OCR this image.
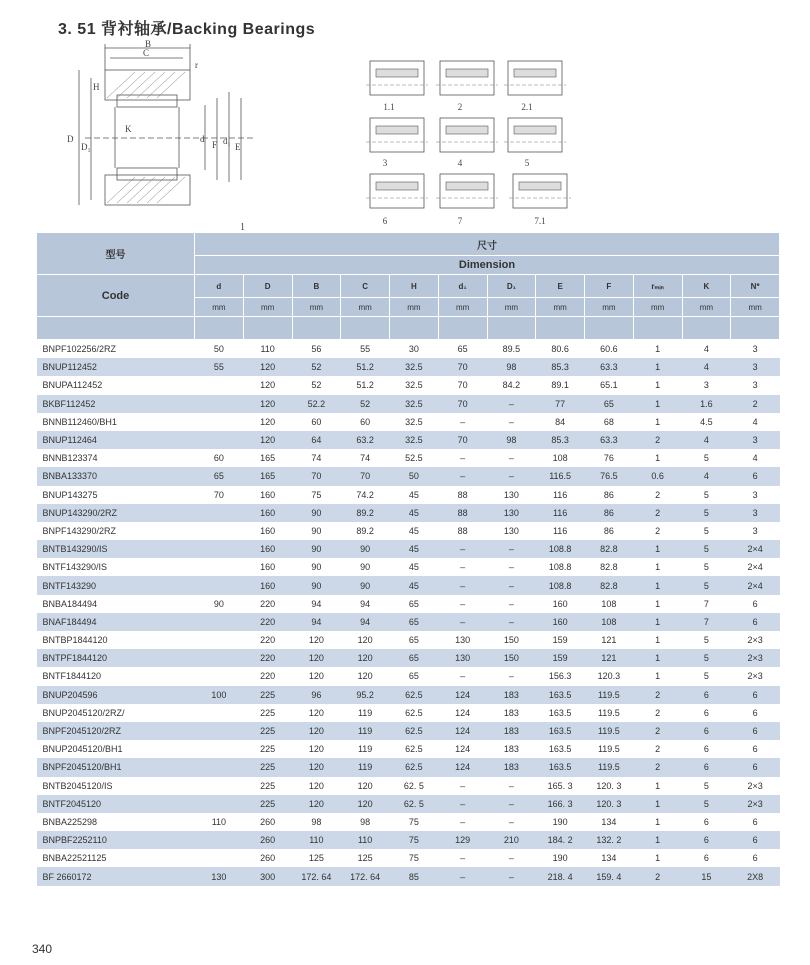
3. 51 背衬轴承/Backing Bearings
B
C
r
H
D
D₁
K
d
F d₁
E
1
1.1	2	2.1
3	4	5
6	7	7.1
型号	尺寸											
	Dimension											
Code	d	D	B	C	H	d₁	D₁	E	F	rₘᵢₙ	K	N*
	mm	mm	mm	mm	mm	mm	mm	mm	mm	mm	mm	mm

BNPF102256/2RZ	50	110	56	55	30	65	89.5	80.6	60.6	1	4	3
BNUP112452	55	120	52	51.2	32.5	70	98	85.3	63.3	1	4	3
BNUPA112452		120	52	51.2	32.5	70	84.2	89.1	65.1	1	3	3
BKBF112452		120	52.2	52	32.5	70	–	77	65	1	1.6	2
BNNB112460/BH1		120	60	60	32.5	–	–	84	68	1	4.5	4
BNUP112464		120	64	63.2	32.5	70	98	85.3	63.3	2	4	3
BNNB123374	60	165	74	74	52.5	–	–	108	76	1	5	4
BNBA133370	65	165	70	70	50	–	–	116.5	76.5	0.6	4	6
BNUP143275	70	160	75	74.2	45	88	130	116	86	2	5	3
BNUP143290/2RZ		160	90	89.2	45	88	130	116	86	2	5	3
BNPF143290/2RZ		160	90	89.2	45	88	130	116	86	2	5	3
BNTB143290/IS		160	90	90	45	–	–	108.8	82.8	1	5	2×4
BNTF143290/IS		160	90	90	45	–	–	108.8	82.8	1	5	2×4
BNTF143290		160	90	90	45	–	–	108.8	82.8	1	5	2×4
BNBA184494	90	220	94	94	65	–	–	160	108	1	7	6
BNAF184494		220	94	94	65	–	–	160	108	1	7	6
BNTBP1844120		220	120	120	65	130	150	159	121	1	5	2×3
BNTPF1844120		220	120	120	65	130	150	159	121	1	5	2×3
BNTF1844120		220	120	120	65	–	–	156.3	120.3	1	5	2×3
BNUP204596	100	225	96	95.2	62.5	124	183	163.5	119.5	2	6	6
BNUP2045120/2RZ/		225	120	119	62.5	124	183	163.5	119.5	2	6	6
BNPF2045120/2RZ		225	120	119	62.5	124	183	163.5	119.5	2	6	6
BNUP2045120/BH1		225	120	119	62.5	124	183	163.5	119.5	2	6	6
BNPF2045120/BH1		225	120	119	62.5	124	183	163.5	119.5	2	6	6
BNTB2045120/IS		225	120	120	62. 5	–	–	165. 3	120. 3	1	5	2×3
BNTF2045120		225	120	120	62. 5	–	–	166. 3	120. 3	1	5	2×3
BNBA225298	110	260	98	98	75	–	–	190	134	1	6	6
BNPBF2252110		260	110	110	75	129	210	184. 2	132. 2	1	6	6
BNBA22521125		260	125	125	75	–	–	190	134	1	6	6
BF 2660172	130	300	172. 64	172. 64	85	–	–	218. 4	159. 4	2	15	2X8
340
